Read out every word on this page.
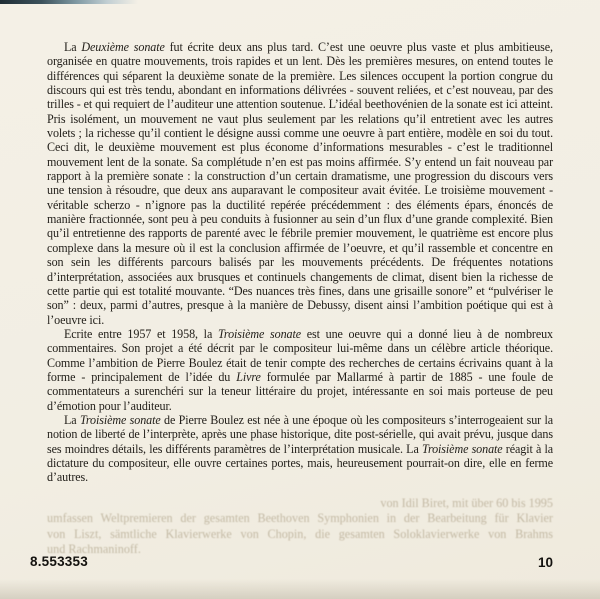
La Deuxième sonate fut écrite deux ans plus tard. C’est une oeuvre plus vaste et plus ambitieuse, organisée en quatre mouvements, trois rapides et un lent. Dès les premières mesures, on entend toutes le différences qui séparent la deuxième sonate de la première. Les silences occupent la portion congrue du discours qui est très tendu, abondant en informations délivrées - souvent reliées, et c’est nouveau, par des trilles - et qui requiert de l’auditeur une attention soutenue. L’idéal beethovénien de la sonate est ici atteint. Pris isolément, un mouvement ne vaut plus seulement par les relations qu’il entretient avec les autres volets ; la richesse qu’il contient le désigne aussi comme une oeuvre à part entière, modèle en soi du tout. Ceci dit, le deuxième mouvement est plus économe d’informations mesurables - c’est le traditionnel mouvement lent de la sonate. Sa complétude n’en est pas moins affirmée. S’y entend un fait nouveau par rapport à la première sonate : la construction d’un certain dramatisme, une progression du discours vers une tension à résoudre, que deux ans auparavant le compositeur avait évitée. Le troisième mouvement - véritable scherzo - n’ignore pas la ductilité repérée précédemment : des éléments épars, énoncés de manière fractionnée, sont peu à peu conduits à fusionner au sein d’un flux d’une grande complexité. Bien qu’il entretienne des rapports de parenté avec le fébrile premier mouvement, le quatrième est encore plus complexe dans la mesure où il est la conclusion affirmée de l’oeuvre, et qu’il rassemble et concentre en son sein les différents parcours balisés par les mouvements précédents. De fréquentes notations d’interprétation, associées aux brusques et continuels changements de climat, disent bien la richesse de cette partie qui est totalité mouvante. “Des nuances très fines, dans une grisaille sonore” et “pulvériser le son” : deux, parmi d’autres, presque à la manière de Debussy, disent ainsi l’ambition poétique qui est à l’oeuvre ici.

Ecrite entre 1957 et 1958, la Troisième sonate est une oeuvre qui a donné lieu à de nombreux commentaires. Son projet a été décrit par le compositeur lui-même dans un célèbre article théorique. Comme l’ambition de Pierre Boulez était de tenir compte des recherches de certains écrivains quant à la forme - principalement de l’idée du Livre formulée par Mallarmé à partir de 1885 - une foule de commentateurs a surenchéri sur la teneur littéraire du projet, intéressante en soi mais porteuse de peu d’émotion pour l’auditeur.

La Troisième sonate de Pierre Boulez est née à une époque où les compositeurs s’interrogeaient sur la notion de liberté de l’interprète, après une phase historique, dite post-sérielle, qui avait prévu, jusque dans ses moindres détails, les différents paramètres de l’interprétation musicale. La Troisième sonate réagit à la dictature du compositeur, elle ouvre certaines portes, mais, heureusement pourrait-on dire, elle en ferme d’autres.

von Idil Biret, mit über 60 bis 1995
umfassen Weltpremieren der gesamten Beethoven Symphonien in der Bearbeitung für Klavier
von Liszt, sämtliche Klavierwerke von Chopin, die gesamten Soloklavierwerke von Brahms
und Rachmaninoff.
8.553353	10
